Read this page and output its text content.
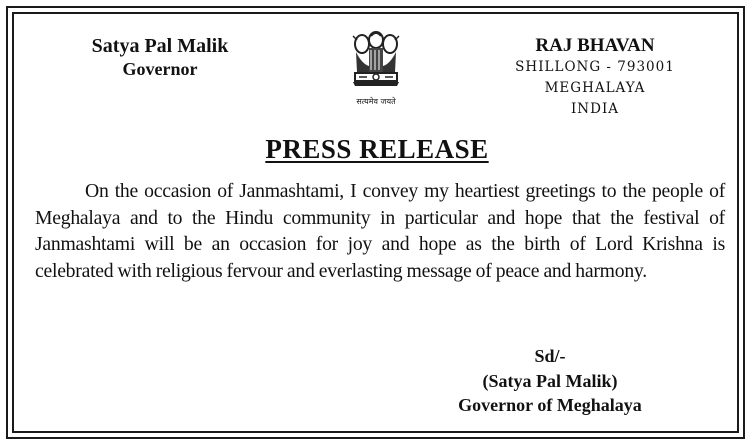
Satya Pal Malik
Governor
सत्यमेव जयते
RAJ BHAVAN
SHILLONG - 793001
MEGHALAYA
INDIA
PRESS RELEASE

On the occasion of Janmashtami, I convey my heartiest greetings to the people of Meghalaya and to the Hindu community in particular and hope that the festival of Janmashtami will be an occasion for joy and hope as the birth of Lord Krishna is celebrated with religious fervour and everlasting message of peace and harmony.

Sd/-
(Satya Pal Malik)
Governor of Meghalaya
